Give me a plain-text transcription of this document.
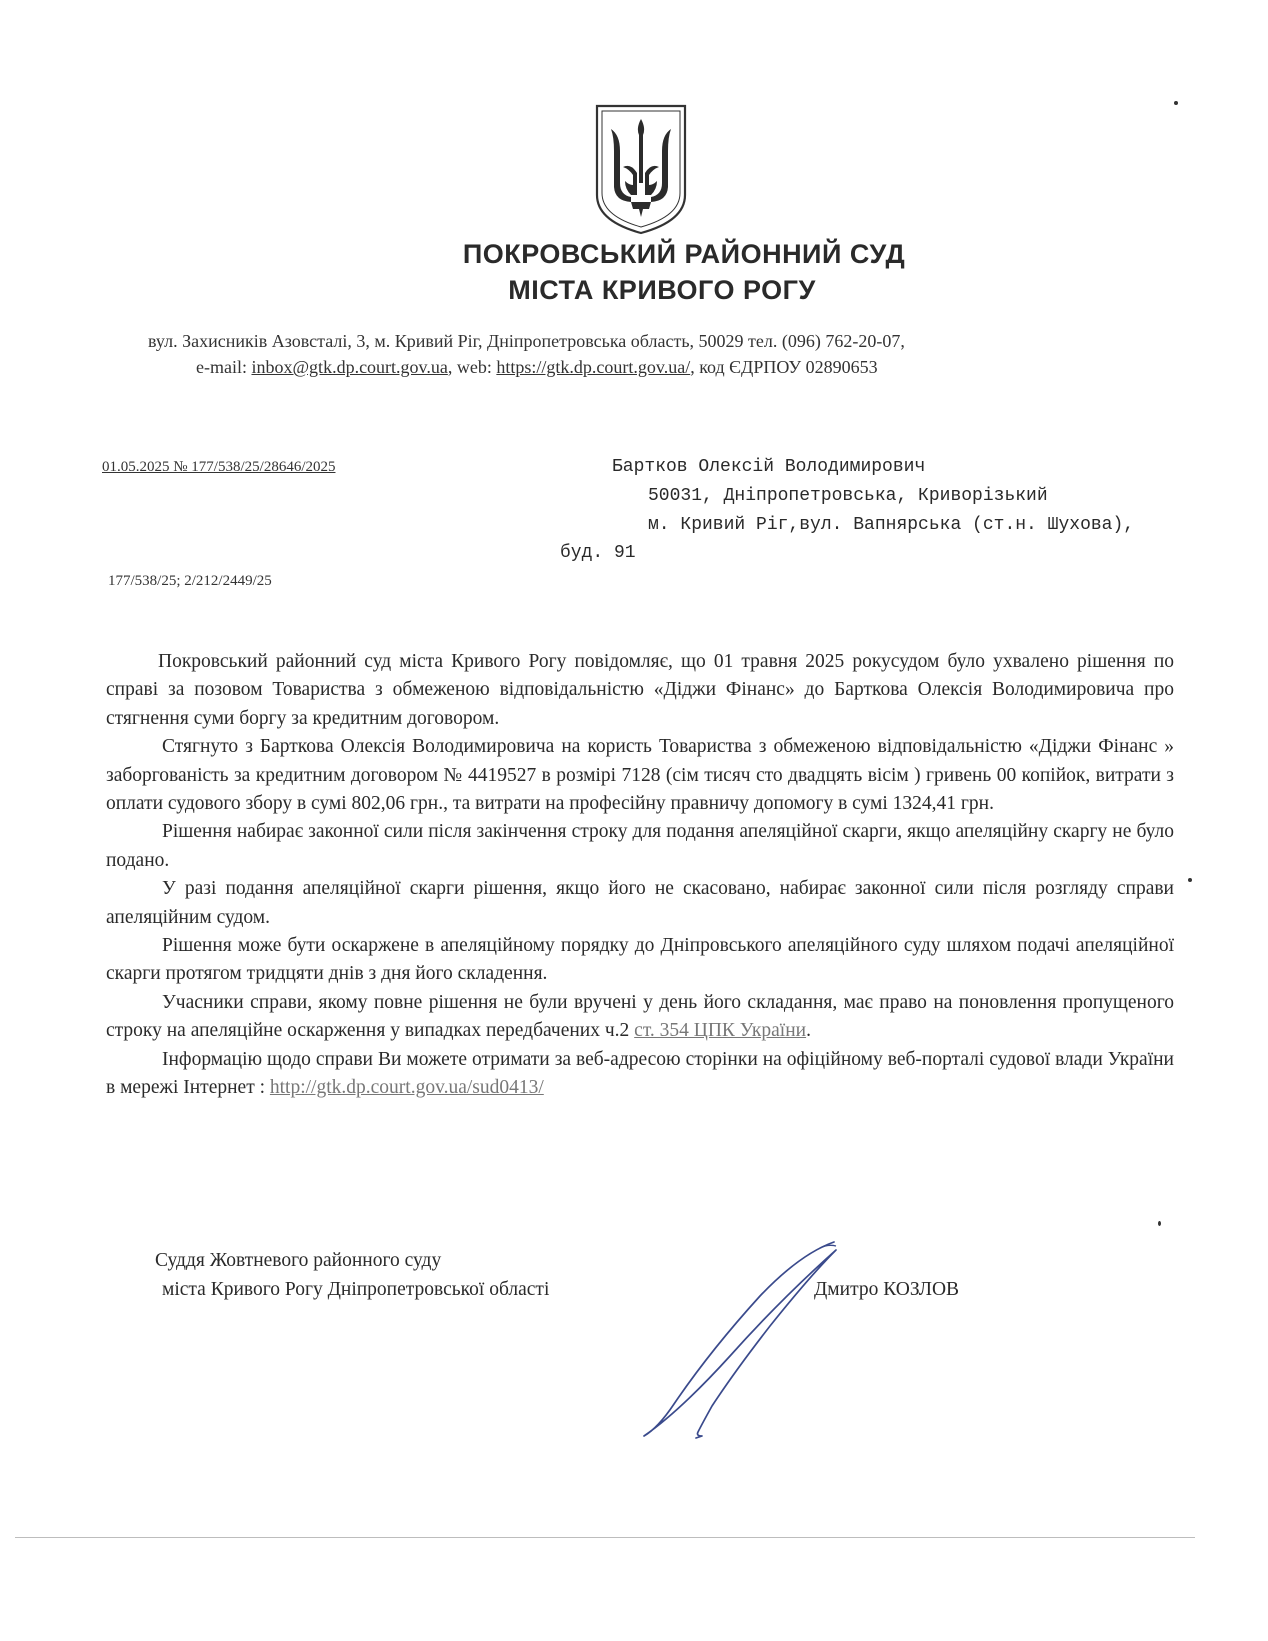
ПОКРОВСЬКИЙ РАЙОННИЙ СУД
МІСТА КРИВОГО РОГУ
вул. Захисників Азовсталі, 3, м. Кривий Ріг, Дніпропетровська область, 50029 тел. (096) 762-20-07,
e-mail: inbox@gtk.dp.court.gov.ua, web: https://gtk.dp.court.gov.ua/, код ЄДРПОУ 02890653
01.05.2025 № 177/538/25/28646/2025
177/538/25; 2/212/2449/25
Бартков Олексій Володимирович
50031, Дніпропетровська, Криворізький
м. Кривий Ріг,вул. Вапнярська (ст.н. Шухова),
буд. 91

Покровський районний суд міста Кривого Рогу повідомляє, що 01 травня 2025 рокусудом було ухвалено рішення по справі за позовом Товариства з обмеженою відповідальністю «Діджи Фінанс» до Барткова Олексія Володимировича про стягнення суми боргу за кредитним договором.

Стягнуто з Барткова Олексія Володимировича на користь Товариства з обмеженою відповідальністю «Діджи Фінанс » заборгованість за кредитним договором № 4419527 в розмірі 7128 (сім тисяч сто двадцять вісім ) гривень 00 копійок, витрати з оплати судового збору в сумі 802,06 грн., та витрати на професійну правничу допомогу в сумі 1324,41 грн.

Рішення набирає законної сили після закінчення строку для подання апеляційної скарги, якщо апеляційну скаргу не було подано.

У разі подання апеляційної скарги рішення, якщо його не скасовано, набирає законної сили після розгляду справи апеляційним судом.

Рішення може бути оскаржене в апеляційному порядку до Дніпровського апеляційного суду шляхом подачі апеляційної скарги протягом тридцяти днів з дня його складення.

Учасники справи, якому повне рішення не були вручені у день його складання, має право на поновлення пропущеного строку на апеляційне оскарження у випадках передбачених ч.2 ст. 354 ЦПК України.

Інформацію щодо справи Ви можете отримати за веб-адресою сторінки на офіційному веб-порталі судової влади України в мережі Інтернет : http://gtk.dp.court.gov.ua/sud0413/

Суддя Жовтневого районного суду
міста Кривого Рогу Дніпропетровської області	Дмитро КОЗЛОВ
